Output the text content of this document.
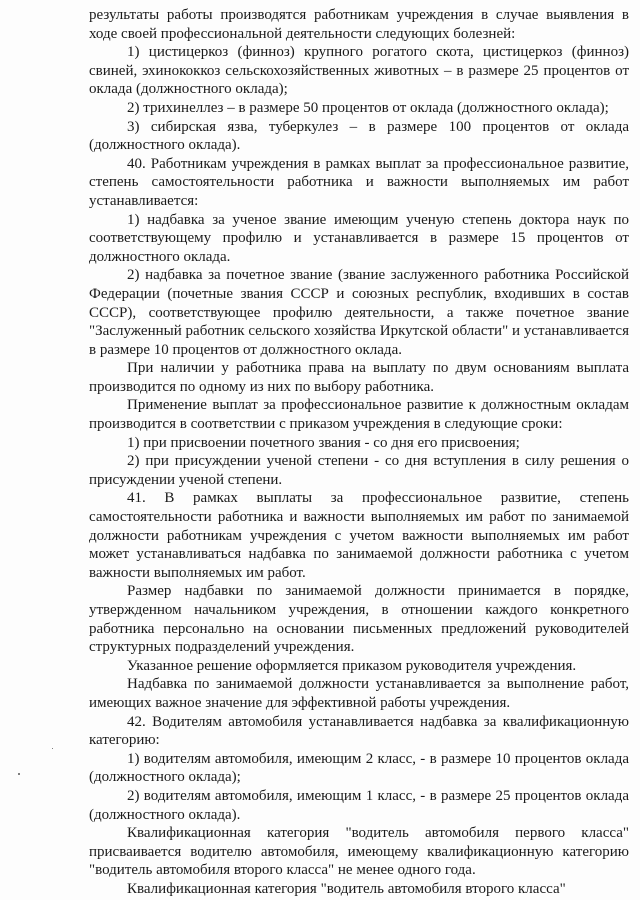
результаты работы производятся работникам учреждения в случае выявления в ходе своей профессиональной деятельности следующих болезней:

1) цистицеркоз (финноз) крупного рогатого скота, цистицеркоз (финноз) свиней, эхинококкоз сельскохозяйственных животных – в размере 25 процентов от оклада (должностного оклада);

2) трихинеллез – в размере 50 процентов от оклада (должностного оклада);

3) сибирская язва, туберкулез – в размере 100 процентов от оклада (должностного оклада).

40. Работникам учреждения в рамках выплат за профессиональное развитие, степень самостоятельности работника и важности выполняемых им работ устанавливается:

1) надбавка за ученое звание имеющим ученую степень доктора наук по соответствующему профилю и устанавливается в размере 15 процентов от должностного оклада.

2) надбавка за почетное звание (звание заслуженного работника Российской Федерации (почетные звания СССР и союзных республик, входивших в состав СССР), соответствующее профилю деятельности, а также почетное звание "Заслуженный работник сельского хозяйства Иркутской области" и устанавливается в размере 10 процентов от должностного оклада.

При наличии у работника права на выплату по двум основаниям выплата производится по одному из них по выбору работника.

Применение выплат за профессиональное развитие к должностным окладам производится в соответствии с приказом учреждения в следующие сроки:

1) при присвоении почетного звания - со дня его присвоения;

2) при присуждении ученой степени - со дня вступления в силу решения о присуждении ученой степени.

41. В рамках выплаты за профессиональное развитие, степень самостоятельности работника и важности выполняемых им работ по занимаемой должности работникам учреждения с учетом важности выполняемых им работ может устанавливаться надбавка по занимаемой должности работника с учетом важности выполняемых им работ.

Размер надбавки по занимаемой должности принимается в порядке, утвержденном начальником учреждения, в отношении каждого конкретного работника персонально на основании письменных предложений руководителей структурных подразделений учреждения.

Указанное решение оформляется приказом руководителя учреждения.

Надбавка по занимаемой должности устанавливается за выполнение работ, имеющих важное значение для эффективной работы учреждения.

42. Водителям автомобиля устанавливается надбавка за квалификационную категорию:

1) водителям автомобиля, имеющим 2 класс, - в размере 10 процентов оклада (должностного оклада);

2) водителям автомобиля, имеющим 1 класс, - в размере 25 процентов оклада (должностного оклада).

Квалификационная категория "водитель автомобиля первого класса" присваивается водителю автомобиля, имеющему квалификационную категорию "водитель автомобиля второго класса" не менее одного года.

Квалификационная категория "водитель автомобиля второго класса"
